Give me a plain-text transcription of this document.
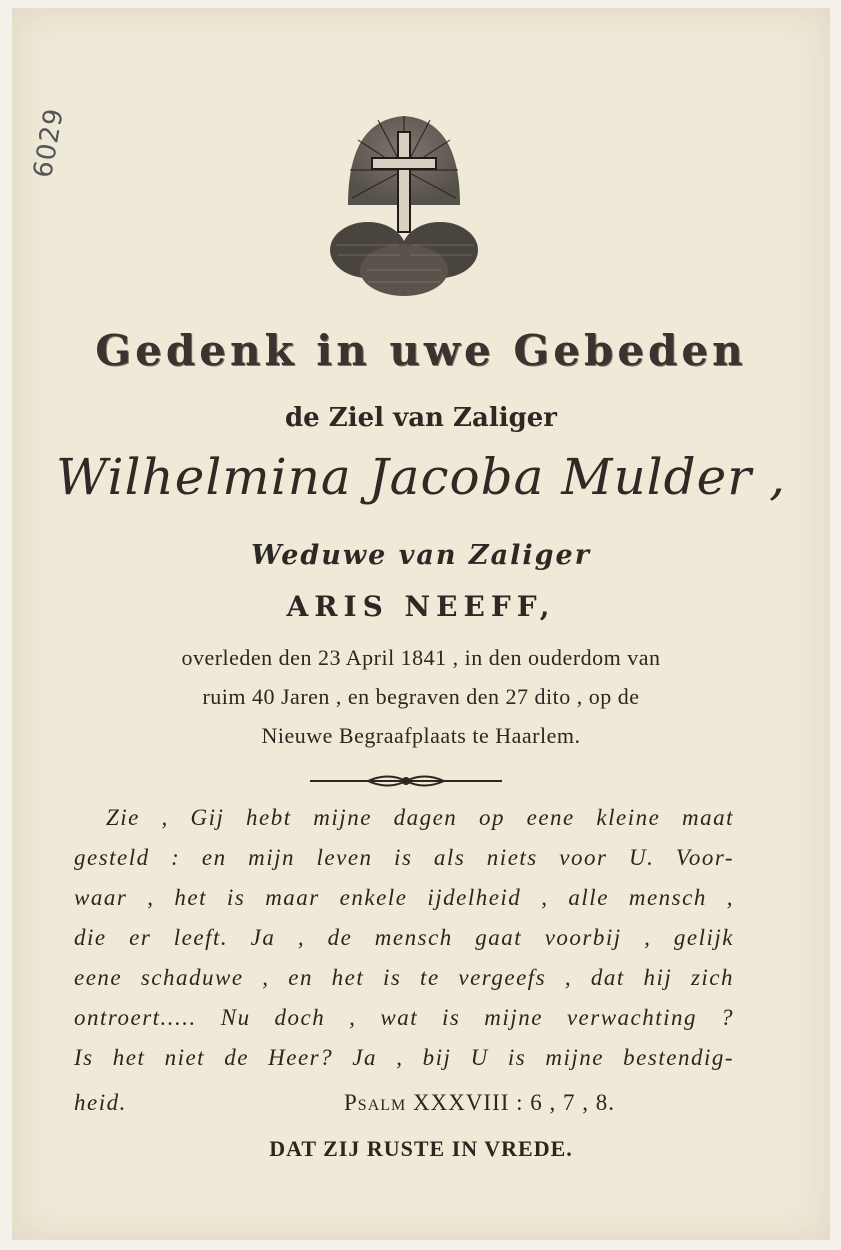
6029
Gedenk in uwe Gebeden
de Ziel van Zaliger
Wilhelmina Jacoba Mulder ,
Weduwe van Zaliger
ARIS NEEFF,
overleden den 23 April 1841 , in den ouderdom van
ruim 40 Jaren , en begraven den 27 dito , op de
Nieuwe Begraafplaats te Haarlem.
Zie , Gij hebt mijne dagen op eene kleine maat
gesteld : en mijn leven is als niets voor U. Voor-
waar , het is maar enkele ijdelheid , alle mensch ,
die er leeft. Ja , de mensch gaat voorbij , gelijk
eene schaduwe , en het is te vergeefs , dat hij zich
ontroert..... Nu doch , wat is mijne verwachting ?
Is het niet de Heer? Ja , bij U is mijne bestendig-
heid.	Psalm XXXVIII : 6 , 7 , 8.
DAT ZIJ RUSTE IN VREDE.
